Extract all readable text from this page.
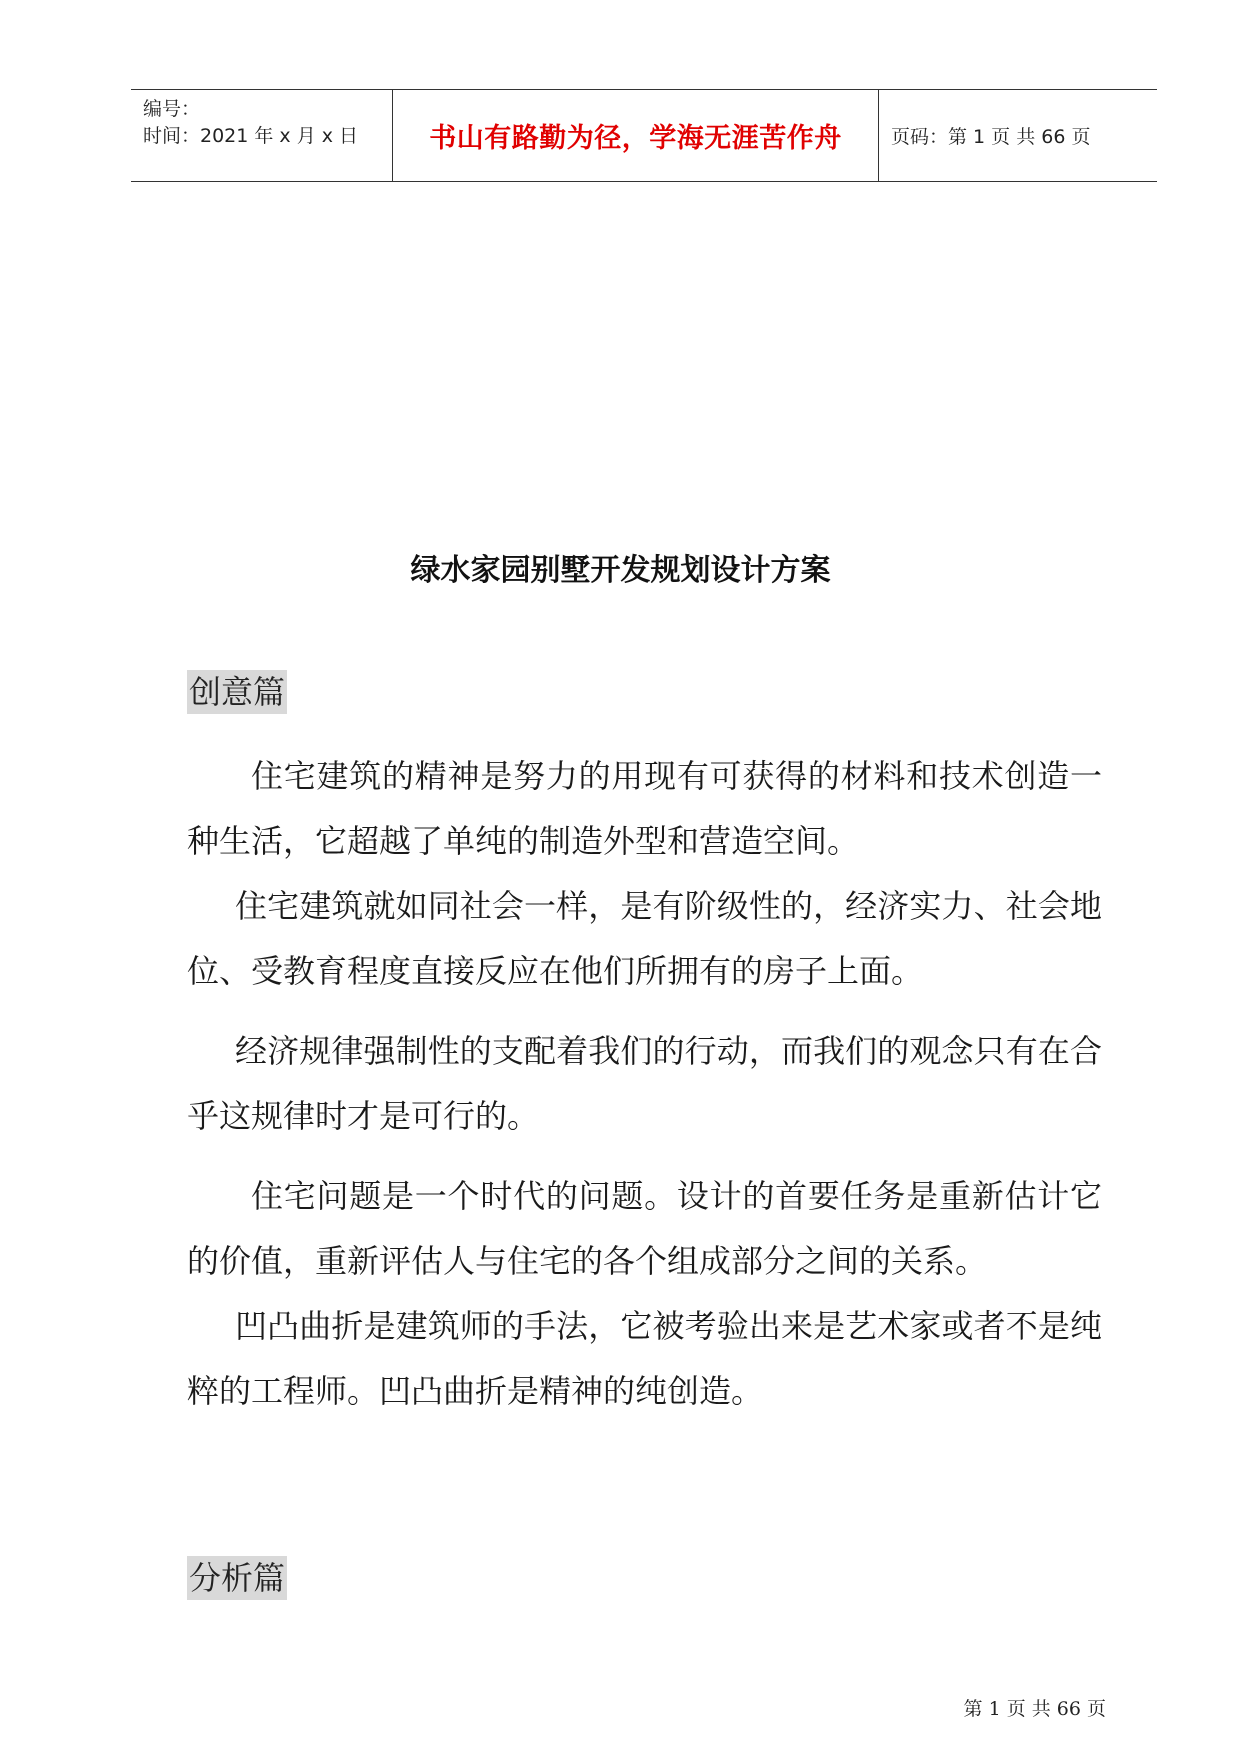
编号：
时间：2021 年 x 月 x 日	书山有路勤为径，学海无涯苦作舟	页码：第 1 页 共 66 页
绿水家园别墅开发规划设计方案
创意篇

住宅建筑的精神是努力的用现有可获得的材料和技术创造一种生活，它超越了单纯的制造外型和营造空间。

住宅建筑就如同社会一样，是有阶级性的，经济实力、社会地位、受教育程度直接反应在他们所拥有的房子上面。

经济规律强制性的支配着我们的行动，而我们的观念只有在合乎这规律时才是可行的。

住宅问题是一个时代的问题。设计的首要任务是重新估计它的价值，重新评估人与住宅的各个组成部分之间的关系。

凹凸曲折是建筑师的手法，它被考验出来是艺术家或者不是纯粹的工程师。凹凸曲折是精神的纯创造。

分析篇
第 1 页 共 66 页
